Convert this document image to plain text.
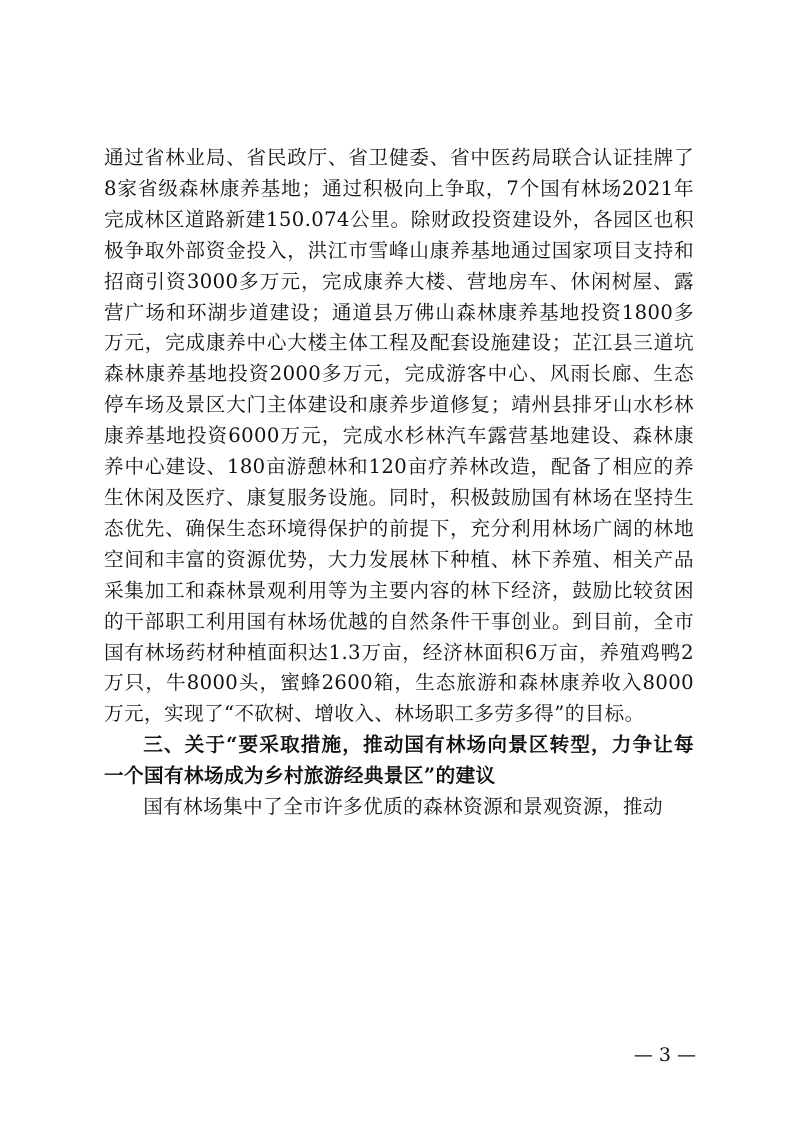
通过省林业局、省民政厅、省卫健委、省中医药局联合认证挂牌了8家省级森林康养基地；通过积极向上争取，7个国有林场2021年完成林区道路新建150.074公里。除财政投资建设外，各园区也积极争取外部资金投入，洪江市雪峰山康养基地通过国家项目支持和招商引资3000多万元，完成康养大楼、营地房车、休闲树屋、露营广场和环湖步道建设；通道县万佛山森林康养基地投资1800多万元，完成康养中心大楼主体工程及配套设施建设；芷江县三道坑森林康养基地投资2000多万元，完成游客中心、风雨长廊、生态停车场及景区大门主体建设和康养步道修复；靖州县排牙山水杉林康养基地投资6000万元，完成水杉林汽车露营基地建设、森林康养中心建设、180亩游憩林和120亩疗养林改造，配备了相应的养生休闲及医疗、康复服务设施。同时，积极鼓励国有林场在坚持生态优先、确保生态环境得保护的前提下，充分利用林场广阔的林地空间和丰富的资源优势，大力发展林下种植、林下养殖、相关产品采集加工和森林景观利用等为主要内容的林下经济，鼓励比较贫困的干部职工利用国有林场优越的自然条件干事创业。到目前，全市国有林场药材种植面积达1.3万亩，经济林面积6万亩，养殖鸡鸭2万只，牛8000头，蜜蜂2600箱，生态旅游和森林康养收入8000万元，实现了“不砍树、增收入、林场职工多劳多得”的目标。

三、关于“要采取措施，推动国有林场向景区转型，力争让每一个国有林场成为乡村旅游经典景区”的建议

国有林场集中了全市许多优质的森林资源和景观资源，推动

— 3 —
